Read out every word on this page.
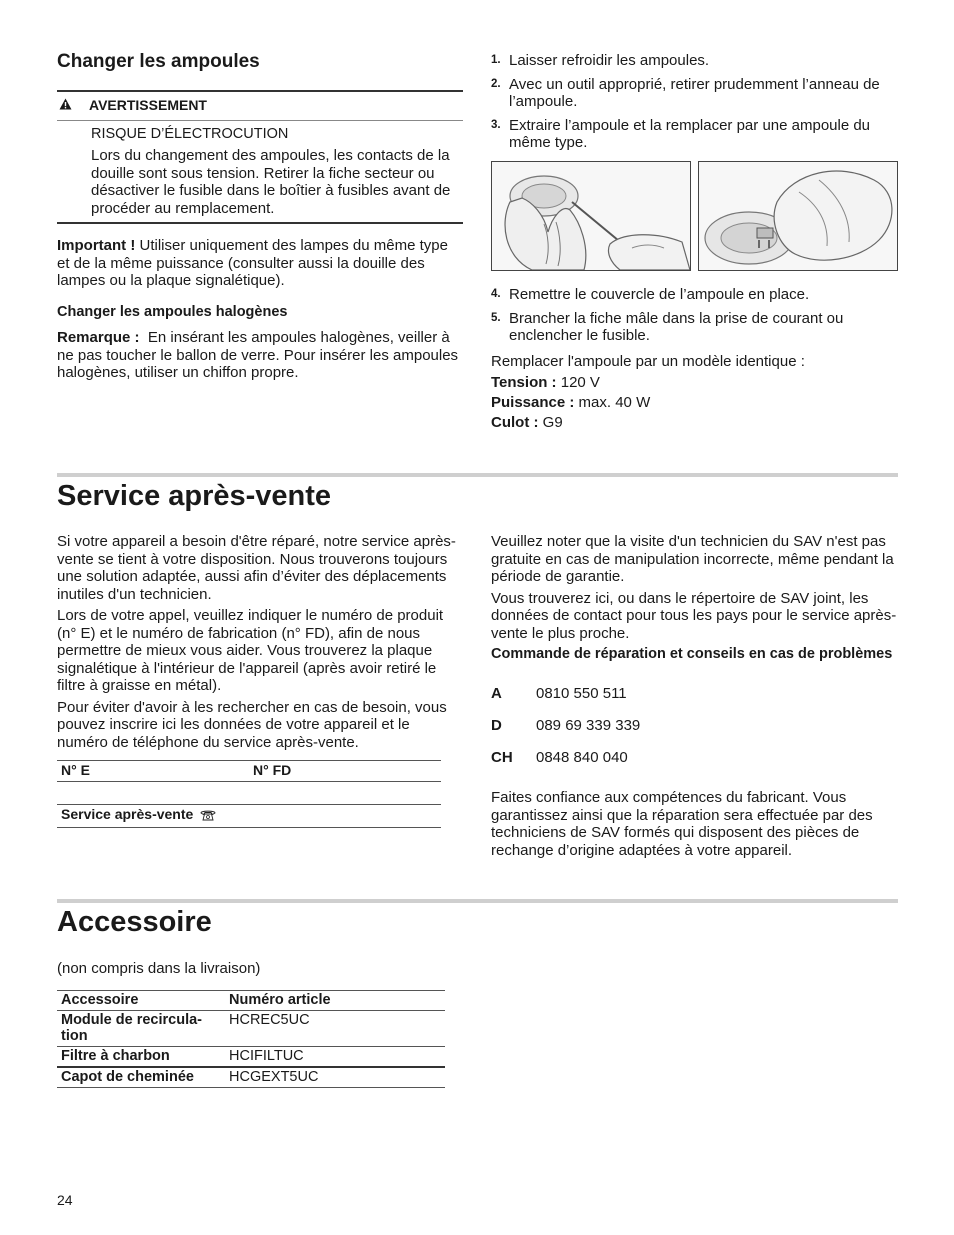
Changer les ampoules
AVERTISSEMENT
RISQUE D’ÉLECTROCUTION
Lors du changement des ampoules, les contacts de la douille sont sous tension. Retirer la fiche secteur ou désactiver le fusible dans le boîtier à fusibles avant de procéder au remplacement.

Important ! Utiliser uniquement des lampes du même type et de la même puissance (consulter aussi la douille des lampes ou la plaque signalétique).

Changer les ampoules halogènes

Remarque : En insérant les ampoules halogènes, veiller à ne pas toucher le ballon de verre. Pour insérer les ampoules halogènes, utiliser un chiffon propre.

1. Laisser refroidir les ampoules.
2. Avec un outil approprié, retirer prudemment l’anneau de l’ampoule.
3. Extraire l’ampoule et la remplacer par une ampoule du même type.
4. Remettre le couvercle de l’ampoule en place.
5. Brancher la fiche mâle dans la prise de courant ou enclencher le fusible.
Remplacer l'ampoule par un modèle identique :
Tension : 120 V
Puissance : max. 40 W
Culot : G9
Service après-vente

Si votre appareil a besoin d'être réparé, notre service après-vente se tient à votre disposition. Nous trouverons toujours une solution adaptée, aussi afin d’éviter des déplacements inutiles d'un technicien.

Lors de votre appel, veuillez indiquer le numéro de produit (n° E) et le numéro de fabrication (n° FD), afin de nous permettre de mieux vous aider. Vous trouverez la plaque signalétique à l'intérieur de l'appareil (après avoir retiré le filtre à graisse en métal).

Pour éviter d'avoir à les rechercher en cas de besoin, vous pouvez inscrire ici les données de votre appareil et le numéro de téléphone du service après-vente.

N° E	N° FD
Service après-vente

Veuillez noter que la visite d'un technicien du SAV n'est pas gratuite en cas de manipulation incorrecte, même pendant la période de garantie.

Vous trouverez ici, ou dans le répertoire de SAV joint, les données de contact pour tous les pays pour le service après-vente le plus proche.

Commande de réparation et conseils en cas de problèmes

A 0810 550 511
D 089 69 339 339
CH 0848 840 040

Faites confiance aux compétences du fabricant. Vous garantissez ainsi que la réparation sera effectuée par des techniciens de SAV formés qui disposent des pièces de rechange d’origine adaptées à votre appareil.

Accessoire
(non compris dans la livraison)
Accessoire	Numéro article
Module de recircula-tion	HCREC5UC
Filtre à charbon	HCIFILTUC
Capot de cheminée	HCGEXT5UC
24
